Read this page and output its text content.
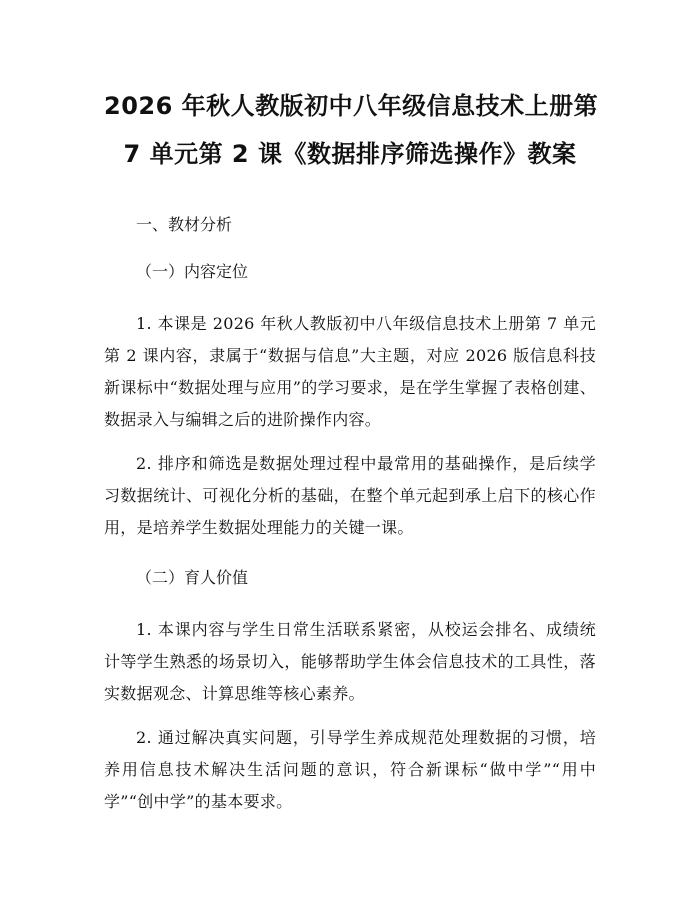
2026 年秋人教版初中八年级信息技术上册第
7 单元第 2 课《数据排序筛选操作》教案

一、教材分析

（一）内容定位

1. 本课是 2026 年秋人教版初中八年级信息技术上册第 7 单元第 2 课内容，隶属于“数据与信息”大主题，对应 2026 版信息科技新课标中“数据处理与应用”的学习要求，是在学生掌握了表格创建、数据录入与编辑之后的进阶操作内容。

2. 排序和筛选是数据处理过程中最常用的基础操作，是后续学习数据统计、可视化分析的基础，在整个单元起到承上启下的核心作用，是培养学生数据处理能力的关键一课。

（二）育人价值

1. 本课内容与学生日常生活联系紧密，从校运会排名、成绩统计等学生熟悉的场景切入，能够帮助学生体会信息技术的工具性，落实数据观念、计算思维等核心素养。

2. 通过解决真实问题，引导学生养成规范处理数据的习惯，培养用信息技术解决生活问题的意识，符合新课标“做中学”“用中学”“创中学”的基本要求。
